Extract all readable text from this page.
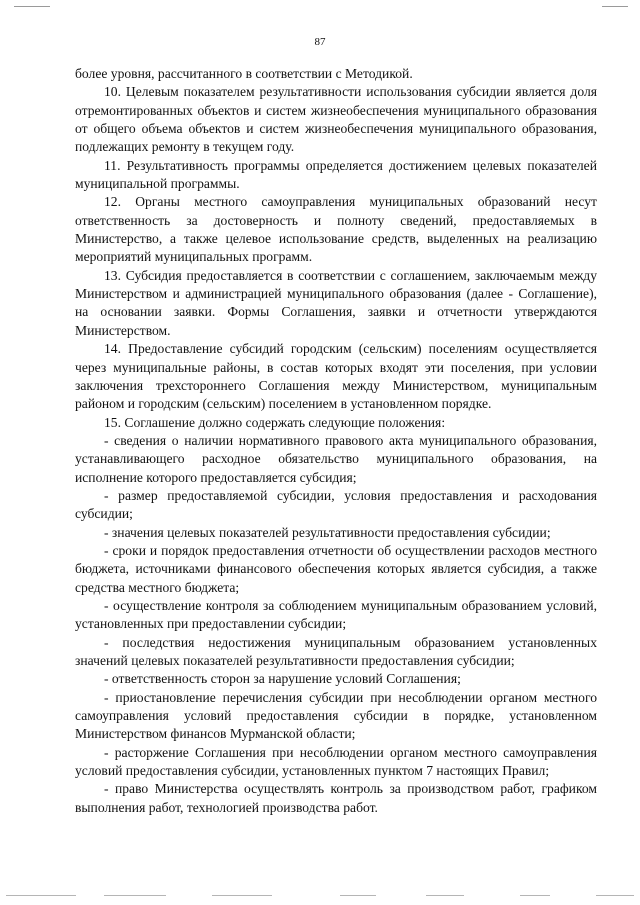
87

более уровня, рассчитанного в соответствии с Методикой.

10. Целевым показателем результативности использования субсидии является доля отремонтированных объектов и систем жизнеобеспечения муниципального образования от общего объема объектов и систем жизнеобеспечения муниципального образования, подлежащих ремонту в текущем году.

11. Результативность программы определяется достижением целевых показателей муниципальной программы.

12. Органы местного самоуправления муниципальных образований несут ответственность за достоверность и полноту сведений, предоставляемых в Министерство, а также целевое использование средств, выделенных на реализацию мероприятий муниципальных программ.

13. Субсидия предоставляется в соответствии с соглашением, заключаемым между Министерством и администрацией муниципального образования (далее - Соглашение), на основании заявки. Формы Соглашения, заявки и отчетности утверждаются Министерством.

14. Предоставление субсидий городским (сельским) поселениям осуществляется через муниципальные районы, в состав которых входят эти поселения, при условии заключения трехстороннего Соглашения между Министерством, муниципальным районом и городским (сельским) поселением в установленном порядке.

15. Соглашение должно содержать следующие положения:

- сведения о наличии нормативного правового акта муниципального образования, устанавливающего расходное обязательство муниципального образования, на исполнение которого предоставляется субсидия;

- размер предоставляемой субсидии, условия предоставления и расходования субсидии;

- значения целевых показателей результативности предоставления субсидии;

- сроки и порядок предоставления отчетности об осуществлении расходов местного бюджета, источниками финансового обеспечения которых является субсидия, а также средства местного бюджета;

- осуществление контроля за соблюдением муниципальным образованием условий, установленных при предоставлении субсидии;

- последствия недостижения муниципальным образованием установленных значений целевых показателей результативности предоставления субсидии;

- ответственность сторон за нарушение условий Соглашения;

- приостановление перечисления субсидии при несоблюдении органом местного самоуправления условий предоставления субсидии в порядке, установленном Министерством финансов Мурманской области;

- расторжение Соглашения при несоблюдении органом местного самоуправления условий предоставления субсидии, установленных пунктом 7 настоящих Правил;

- право Министерства осуществлять контроль за производством работ, графиком выполнения работ, технологией производства работ.
